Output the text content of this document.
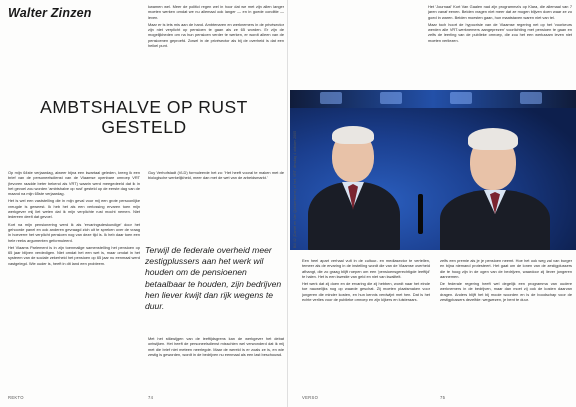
Walter Zinzen	kwamen wel. Meer de politici regen wel in hoor dat we met zijn allen langer moeten werken omdat we nu allemaal ook langer — en in goede conditie — leven.

Maar er is iets mis aan de hand. Ambtenaren en werknemers in de privésector zijn niet verplicht op pensioen te gaan als ze 65 worden. Er zijn de mogelijkheden om na hun pensioen verder te werken, er wordt alleen van de pensioenen geproefd. Zowel in de privésector als bij de overheid is dat een heikel punt.

AMBTSHALVE OP RUST GESTELD

Op mijn 64ste verjaardag, alweer bijna een kwartaal geleden, kreeg ik een brief van de personeelsdienst van de Vlaamse openbare omroep VRT (tevoren raadde beter bekend als VRT) waarin werd meegedeeld dat ik in het gevoel zou worden 'ambtshalve op rust' gesteld op de eerste dag van de maand na mijn 65ste verjaardag.

Het is wel een vaststelling die in mijn geval voor mij een grote persoonlijke vreugde is geweest. Ik heb het als een verlossing ervaren toen mijn werkgever mij liet weten dat ik mijn verplichte rust mocht nemen. Niet iedereen deelt dat gevoel.

Kort na mijn pensionering werd ik als 'ervaringsdeskundige' door het gehoorde panel en ook anderen gevraagd zich uit te spreken over de vraag in hoeverre het verplicht pensioen nog van deze tijd is. Ik heb daar toen een hele reeks argumenten geformuleerd.

Het Vlaams Parlement is in zijn toenmalige samenstelling het pensioen op 65 jaar blijven verdedigen. Niet omdat het een wet is, maar omdat in het systeem van de sociale zekerheid het pensioen op 65 jaar nu eenmaal werd vastgelegd. Wie ouder is, heeft in dit land een probleem.

Guy Verhofstadt (VLD) formuleerde het zo: 'Het heeft vooral te maken met de biologische werkelijkheid, meer dan met de wet van de arbeidsmarkt.'

Terwijl de federale overheid meer zestigplussers aan het werk wil houden om de pensioenen betaalbaar te houden, zijn bedrijven hen liever kwijt dan rijk wegens te duur.

Met het stilzwijgen van de leeftijdsgrens kan de werkgever het debat ontwijken. Het heeft de personeelsdienst misschien wel verwonderd dat ik mij met die brief niet meteen neerlegde. Maar de wereld is er zoals ze is, en wie zestig is geworden, wordt in de bedrijven nu eenmaal als een last beschouwd.

REKTO	74

Het 'Journaal' Kort Van Gaalen nad zijn programma's op Klara, die allemaal van 7 jaren vanaf eenen. Beiden vragen niet meer dat ze mogen blijven doen waar ze zo goed in waren. Beiden moesten gaan, hun maatstaven waren niet van tel.

Maar toch hoort de hypocrisie van de Vlaamse regering net op het 'voorkeurs werden alle VRT-werknemers aangeprezen' voorlichting met pensioen te gaan en zelfs de leerling van de publieke omroep, die zou het een werkzaam leven niet moeten verliezen.

Een heel apart verhaal vult in de cultuur- en mediasector te vertellen, temeer als de ervaring in de instelling wordt die van de Vlaamse overheid afhangt, die zo graag blijft roepen om een 'pensioensgerechtigde leeftijd' te halen. Het is een kwestie van geld en niet van kwaliteit.

Het werk dat zij doen en de ervaring die zij hebben, wordt naar het einde toe nauwelijks nog op waarde geschat. Zij moeten plaatsmaken voor jongeren die minder kosten, en hun kennis verdwijnt met hen. Dat is het echte verlies voor de publieke omroep en zijn kijkers en luisteraars.

zelfs een premie als je je pensioen neemt. Hoe het ook weg zal van burger en bijna niemand protesteert. Het gaat om de lonen van de zestigplussers die te hoog zijn in de ogen van de bedrijven, waardoor zij liever jongeren aannemen.

De federale regering heeft wel degelijk een programma van oudere werknemers in de bedrijven, maar dan moet zij ook de kosten daarvan dragen. Anders blijft het bij mooie woorden en is de boodschap voor de zestigplussers dezelfde: wegwezen, je bent te duur.

VERSO	75
Bill 42 (Daniel en Van Quickenborne) of het, VRT, dinsdag 4 oktober 2005
